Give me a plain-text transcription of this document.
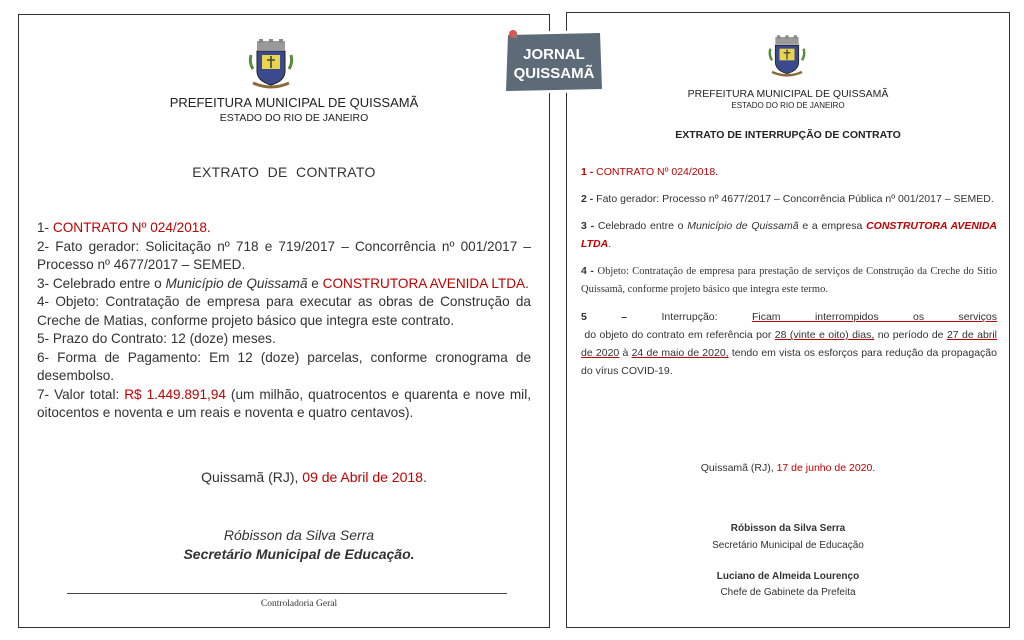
PREFEITURA MUNICIPAL DE QUISSAMÃ
ESTADO DO RIO DE JANEIRO
EXTRATO  DE  CONTRATO

1- CONTRATO Nº 024/2018.

2- Fato gerador: Solicitação nº 718 e 719/2017 – Concorrência nº 001/2017 – Processo nº 4677/2017 – SEMED.

3- Celebrado entre o Município de Quissamã e CONSTRUTORA AVENIDA LTDA.

4- Objeto: Contratação de empresa para executar as obras de Construção da Creche de Matias, conforme projeto básico que integra este contrato.

5- Prazo do Contrato: 12 (doze) meses.

6- Forma de Pagamento: Em 12 (doze) parcelas, conforme cronograma de desembolso.

7- Valor total: R$ 1.449.891,94 (um milhão, quatrocentos e quarenta e nove mil, oitocentos e noventa e um reais e noventa e quatro centavos).

Quissamã (RJ), 09 de Abril de 2018.
Róbisson da Silva Serra
Secretário Municipal de Educação.
Controladoria Geral
PREFEITURA MUNICIPAL DE QUISSAMÃ
ESTADO DO RIO DE JANEIRO
EXTRATO DE INTERRUPÇÃO DE CONTRATO

1 - CONTRATO Nº 024/2018.

2 - Fato gerador: Processo nº 4677/2017 – Concorrência Pública nº 001/2017 – SEMED.

3 - Celebrado entre o Município de Quissamã e a empresa CONSTRUTORA AVENIDA LTDA.

4 - Objeto: Contratação de empresa para prestação de serviços de Construção da Creche do Sítio Quissamã, conforme projeto básico que integra este termo.

5 – Interrupção: Ficam interrompidos os serviços do objeto do contrato em referência por 28 (vinte e oito) dias, no período de 27 de abril de 2020 à 24 de maio de 2020, tendo em vista os esforços para redução da propagação do vírus COVID-19.

Quissamã (RJ), 17 de junho de 2020.
Róbisson da Silva Serra
Secretário Municipal de Educação
Luciano de Almeida Lourenço
Chefe de Gabinete da Prefeita
JORNAL
QUISSAMÃ
